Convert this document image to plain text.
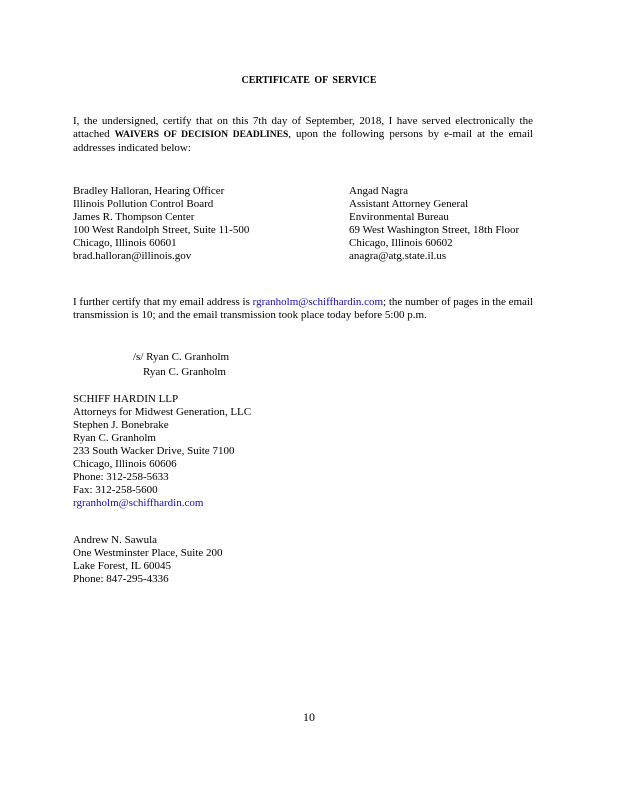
CERTIFICATE OF SERVICE
I, the undersigned, certify that on this 7th day of September, 2018, I have served electronically the attached WAIVERS OF DECISION DEADLINES, upon the following persons by e-mail at the email addresses indicated below:
Bradley Halloran, Hearing Officer
Illinois Pollution Control Board
James R. Thompson Center
100 West Randolph Street, Suite 11-500
Chicago, Illinois 60601
brad.halloran@illinois.gov
Angad Nagra
Assistant Attorney General
Environmental Bureau
69 West Washington Street, 18th Floor
Chicago, Illinois 60602
anagra@atg.state.il.us
I further certify that my email address is rgranholm@schiffhardin.com; the number of pages in the email transmission is 10; and the email transmission took place today before 5:00 p.m.
/s/ Ryan C. Granholm
Ryan C. Granholm
SCHIFF HARDIN LLP
Attorneys for Midwest Generation, LLC
Stephen J. Bonebrake
Ryan C. Granholm
233 South Wacker Drive, Suite 7100
Chicago, Illinois 60606
Phone: 312-258-5633
Fax: 312-258-5600
rgranholm@schiffhardin.com
Andrew N. Sawula
One Westminster Place, Suite 200
Lake Forest, IL 60045
Phone: 847-295-4336
10
